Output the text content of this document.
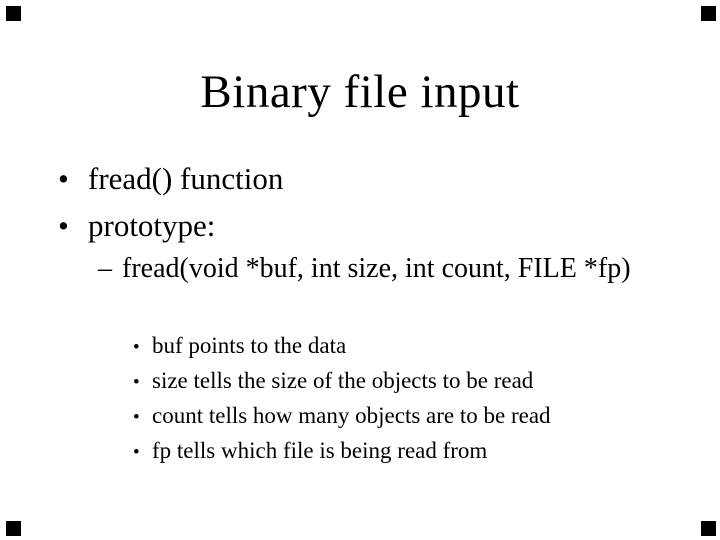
Binary file input
• fread() function
• prototype:
– fread(void *buf, int size, int count, FILE *fp)
• buf points to the data
• size tells the size of the objects to be read
• count tells how many objects are to be read
• fp tells which file is being read from
